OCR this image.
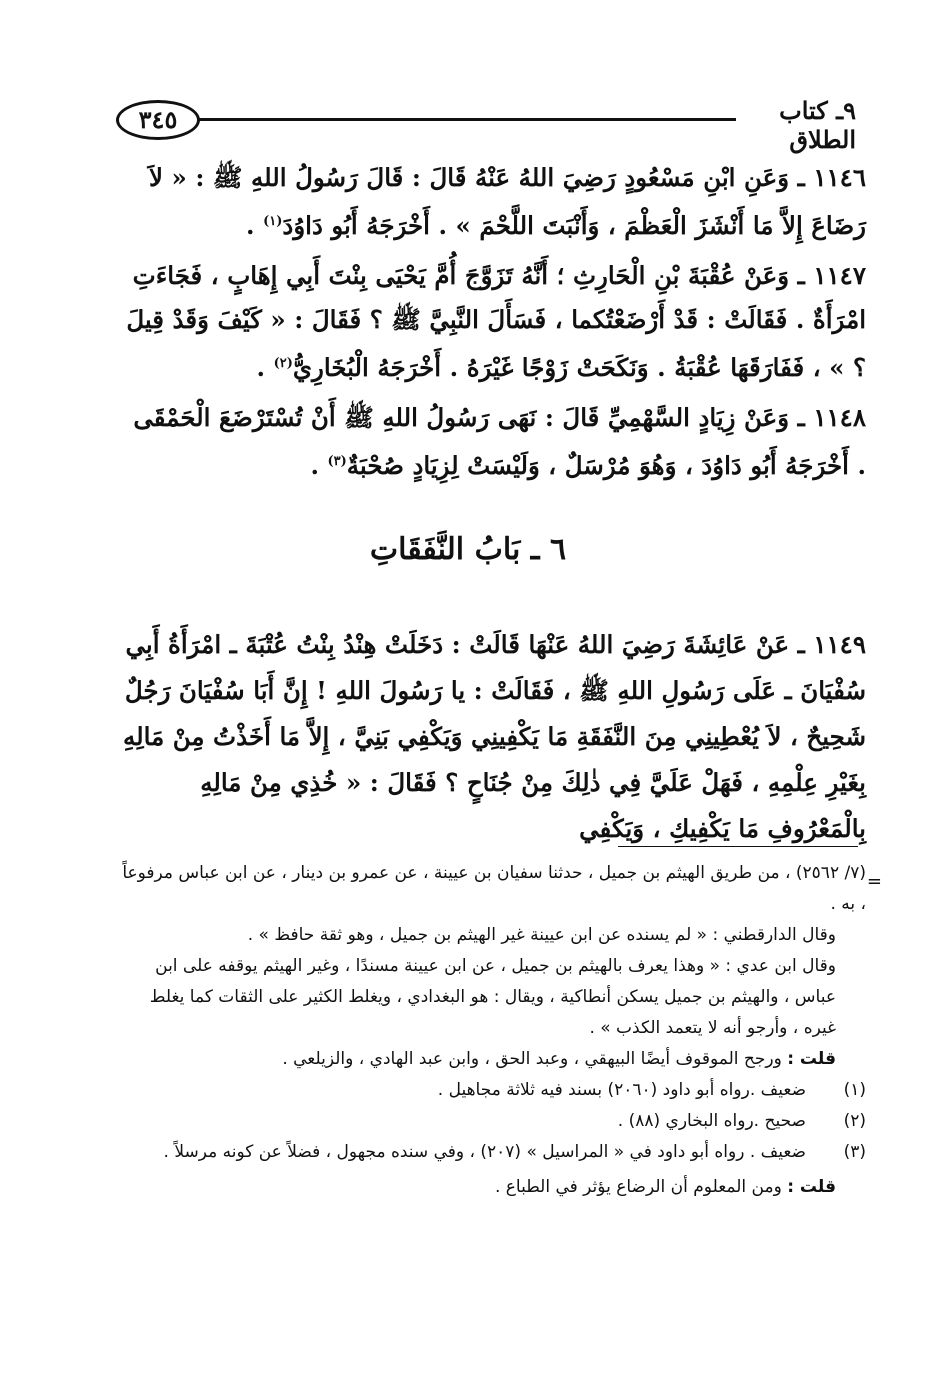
٣٤٥	٩ـ كتاب الطلاق

١١٤٦ ـ وَعَنِ ابْنِ مَسْعُودٍ رَضِيَ اللهُ عَنْهُ قَالَ : قَالَ رَسُولُ اللهِ ﷺ : « لاَ رَضَاعَ إِلاَّ مَا أَنْشَزَ الْعَظْمَ ، وَأَنْبَتَ اللَّحْمَ » . أَخْرَجَهُ أَبُو دَاوُدَ$^{(١)}$ .

١١٤٧ ـ وَعَنْ عُقْبَةَ بْنِ الْحَارِثِ ؛ أَنَّهُ تَزَوَّجَ أُمَّ يَحْيَى بِنْتَ أَبِي إِهَابٍ ، فَجَاءَتِ امْرَأَةٌ . فَقَالَتْ : قَدْ أَرْضَعْتُكما ، فَسَأَلَ النَّبِيَّ ﷺ ؟ فَقَالَ : « كَيْفَ وَقَدْ قِيلَ ؟ » ، فَفَارَقَهَا عُقْبَةُ . وَنَكَحَتْ زَوْجًا غَيْرَهُ . أَخْرَجَهُ الْبُخَارِيُّ$^{(٢)}$ .

١١٤٨ ـ وَعَنْ زِيَادٍ السَّهْمِيِّ قَالَ : نَهَى رَسُولُ اللهِ ﷺ أَنْ تُسْتَرْضَعَ الْحَمْقَى . أَخْرَجَهُ أَبُو دَاوُدَ ، وَهُوَ مُرْسَلٌ ، وَلَيْسَتْ لِزِيَادٍ صُحْبَةٌ$^{(٣)}$ .

٦ ـ بَابُ النَّفَقَاتِ

١١٤٩ ـ عَنْ عَائِشَةَ رَضِيَ اللهُ عَنْهَا قَالَتْ : دَخَلَتْ هِنْدُ بِنْتُ عُتْبَةَ ـ امْرَأَةُ أَبِي سُفْيَانَ ـ عَلَى رَسُولِ اللهِ ﷺ ، فَقَالَتْ : يا رَسُولَ اللهِ ! إِنَّ أَبَا سُفْيَانَ رَجُلٌ شَحِيحٌ ، لاَ يُعْطِينِي مِنَ النَّفَقَةِ مَا يَكْفِينِي وَيَكْفِي بَنِيَّ ، إِلاَّ مَا أَخَذْتُ مِنْ مَالِهِ بِغَيْرِ عِلْمِهِ ، فَهَلْ عَلَيَّ فِي ذٰلِكَ مِنْ جُنَاحٍ ؟ فَقَالَ : « خُذِي مِنْ مَالِهِ بِالْمَعْرُوفِ مَا يَكْفِيكِ ، وَيَكْفِي

=

(٧/ ٢٥٦٢) ، من طريق الهيثم بن جميل ، حدثنا سفيان بن عيينة ، عن عمرو بن دينار ، عن ابن عباس مرفوعاً ، به .

وقال الدارقطني : « لم يسنده عن ابن عيينة غير الهيثم بن جميل ، وهو ثقة حافظ » .

وقال ابن عدي : « وهذا يعرف بالهيثم بن جميل ، عن ابن عيينة مسندًا ، وغير الهيثم يوقفه على ابن عباس ، والهيثم بن جميل يسكن أنطاكية ، ويقال : هو البغدادي ، ويغلط الكثير على الثقات كما يغلط غيره ، وأرجو أنه لا يتعمد الكذب » .

قلت : ورجح الموقوف أيضًا البيهقي ، وعبد الحق ، وابن عبد الهادي ، والزيلعي .

(١)
ضعيف .رواه أبو داود (٢٠٦٠) بسند فيه ثلاثة مجاهيل .

(٢)
صحيح .رواه البخاري (٨٨) .

(٣)
ضعيف . رواه أبو داود في « المراسيل » (٢٠٧) ، وفي سنده مجهول ، فضلاً عن كونه مرسلاً .

قلت : ومن المعلوم أن الرضاع يؤثر في الطباع .
